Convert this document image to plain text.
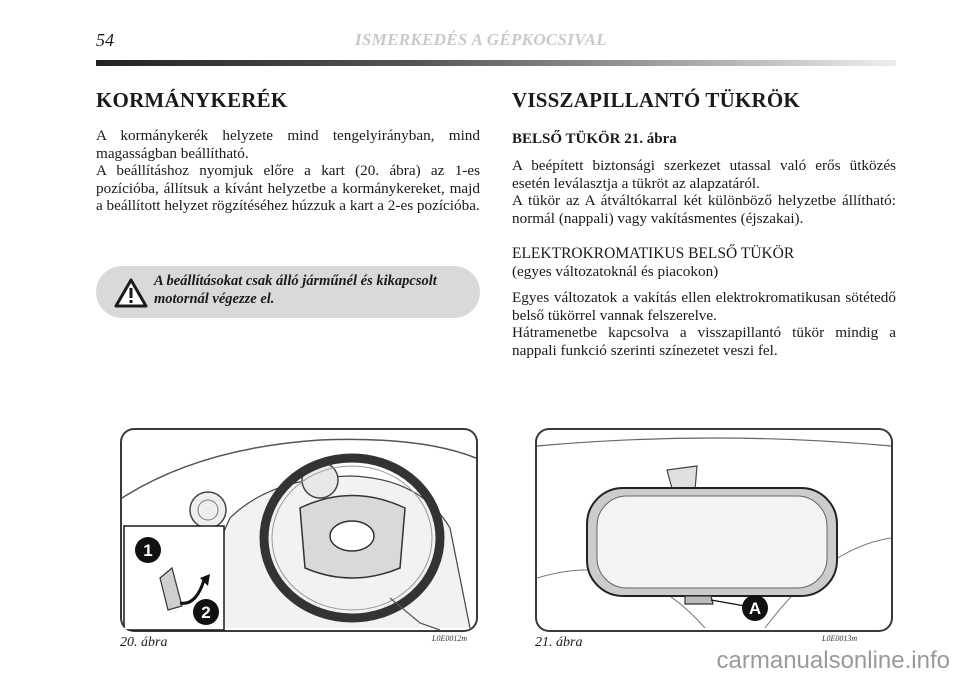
54	ISMERKEDÉS A GÉPKOCSIVAL
KORMÁNYKERÉK

A kormánykerék helyzete mind tengelyirányban, mind magasságban beállítható.

A beállításhoz nyomjuk előre a kart (20. ábra) az 1-es pozícióba, állítsuk a kívánt helyzetbe a kormánykereket, majd a beállított helyzet rögzítéséhez húzzuk a kart a 2-es pozícióba.

A beállításokat csak álló járműnél és kikapcsolt motornál végezze el.
VISSZAPILLANTÓ TÜKRÖK
BELSŐ TÜKÖR 21. ábra

A beépített biztonsági szerkezet utassal való erős ütközés esetén leválasztja a tükröt az alapzatáról.

A tükör az A átváltókarral két különböző helyzetbe állítható: normál (nappali) vagy vakításmentes (éjszakai).

ELEKTROKROMATIKUS BELSŐ TÜKÖR

(egyes változatoknál és piacokon)

Egyes változatok a vakítás ellen elektrokromatikusan sötétedő belső tükörrel vannak felszerelve.

Hátramenetbe kapcsolva a visszapillantó tükör mindig a nappali funkció szerinti színezetet veszi fel.

1
2
20. ábra	L0E0012m
A
21. ábra	L0E0013m
carmanualsonline.info
